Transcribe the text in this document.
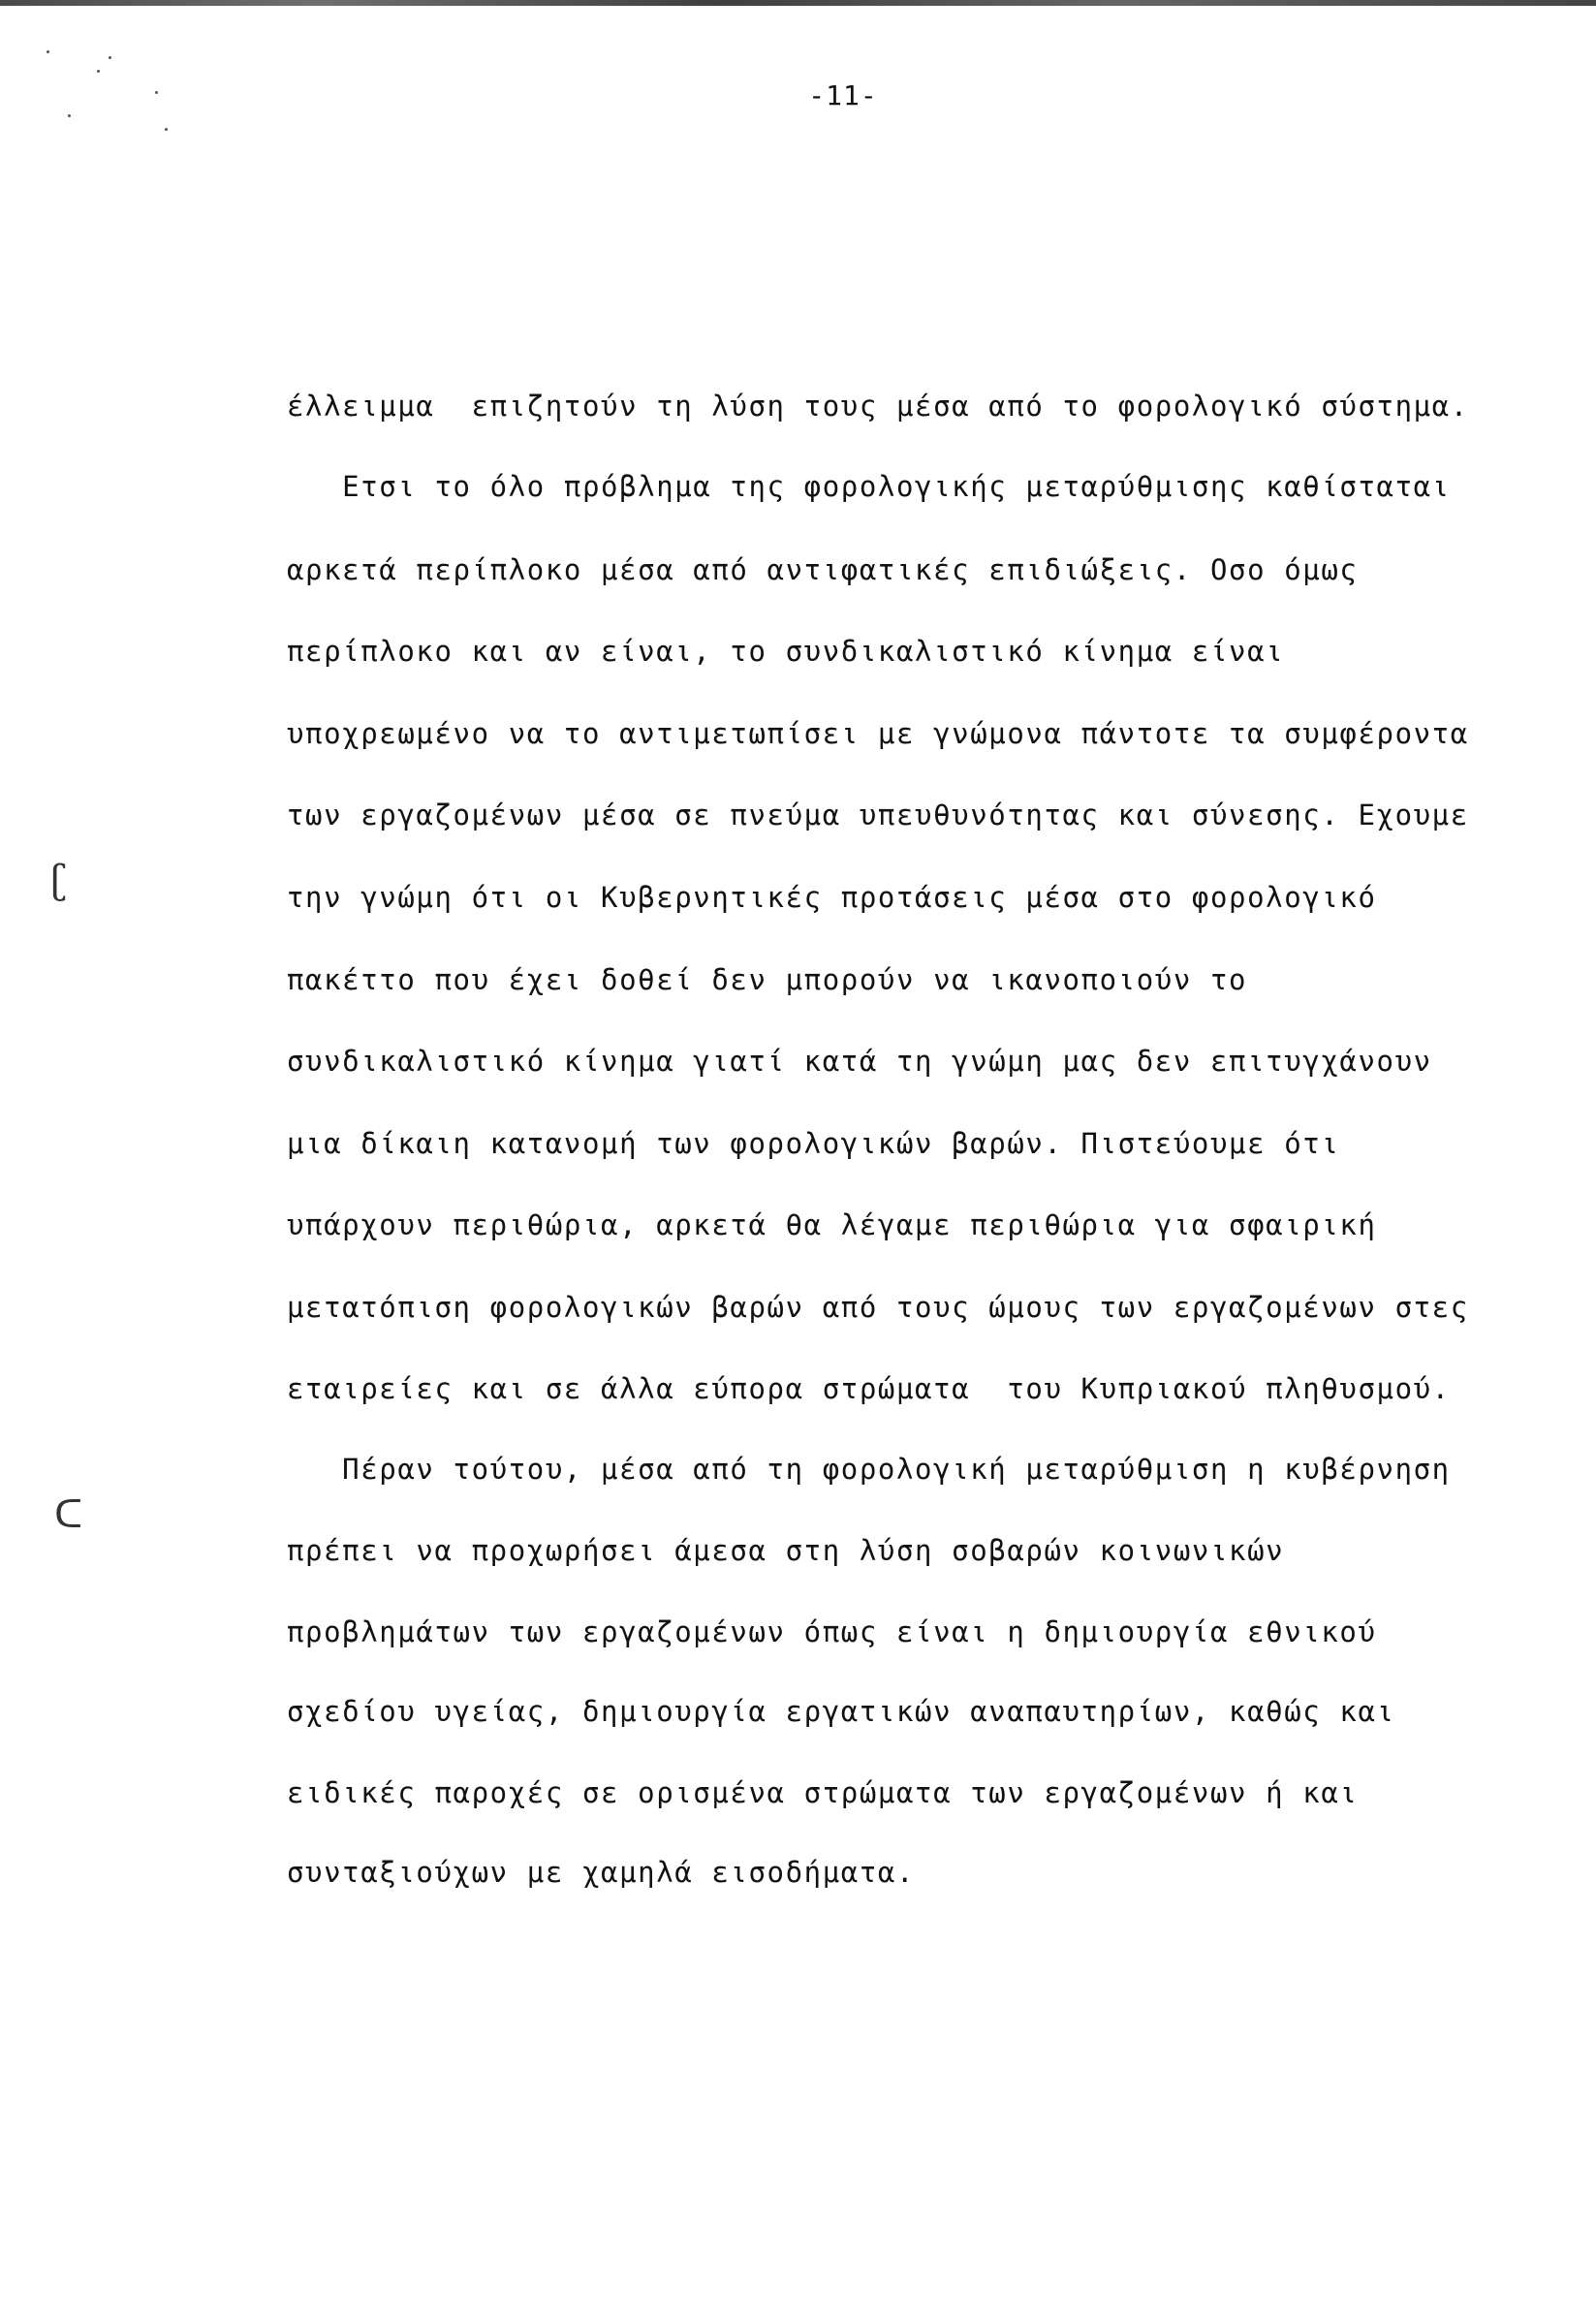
-11-
ʗ
ᑕ
έλλειμμα  επιζητούν τη λύση τους μέσα από το φορολογικό σύστημα.
Ετσι το όλο πρόβλημα της φορολογικής μεταρύθμισης καθίσταται
αρκετά περίπλοκο μέσα από αντιφατικές επιδιώξεις. Οσο όμως
περίπλοκο και αν είναι, το συνδικαλιστικό κίνημα είναι
υποχρεωμένο να το αντιμετωπίσει με γνώμονα πάντοτε τα συμφέροντα
των εργαζομένων μέσα σε πνεύμα υπευθυνότητας και σύνεσης. Εχουμε
την γνώμη ότι οι Κυβερνητικές προτάσεις μέσα στο φορολογικό
πακέττο που έχει δοθεί δεν μπορούν να ικανοποιούν το
συνδικαλιστικό κίνημα γιατί κατά τη γνώμη μας δεν επιτυγχάνουν
μια δίκαιη κατανομή των φορολογικών βαρών. Πιστεύουμε ότι
υπάρχουν περιθώρια, αρκετά θα λέγαμε περιθώρια για σφαιρική
μετατόπιση φορολογικών βαρών από τους ώμους των εργαζομένων στες
εταιρείες και σε άλλα εύπορα στρώματα  του Κυπριακού πληθυσμού.
Πέραν τούτου, μέσα από τη φορολογική μεταρύθμιση η κυβέρνηση
πρέπει να προχωρήσει άμεσα στη λύση σοβαρών κοινωνικών
προβλημάτων των εργαζομένων όπως είναι η δημιουργία εθνικού
σχεδίου υγείας, δημιουργία εργατικών αναπαυτηρίων, καθώς και
ειδικές παροχές σε ορισμένα στρώματα των εργαζομένων ή και
συνταξιούχων με χαμηλά εισοδήματα.
